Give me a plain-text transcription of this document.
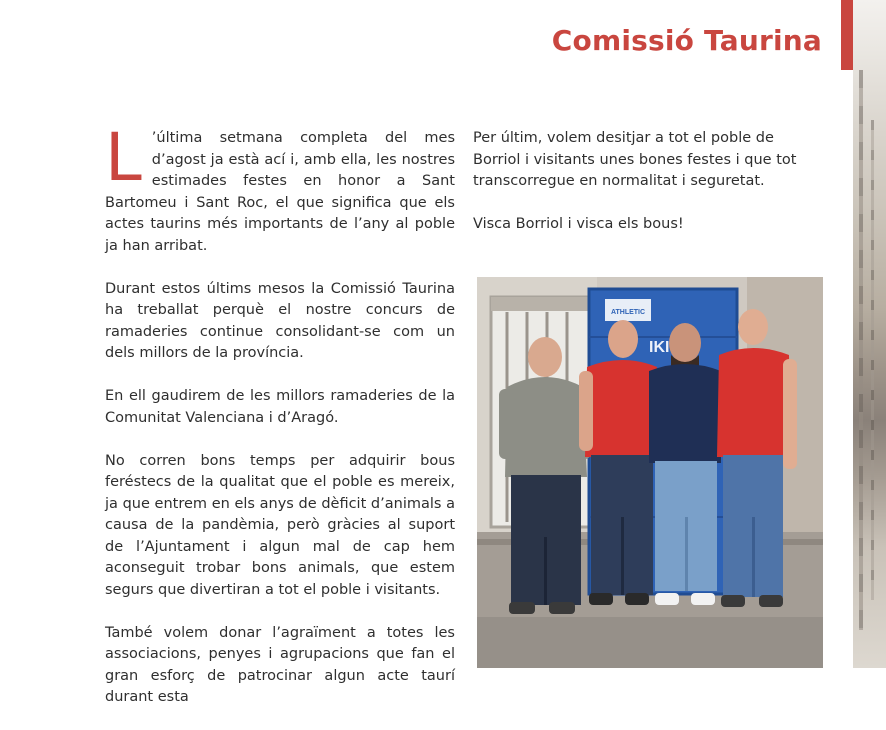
Comissió Taurina

L ’última setmana completa del mes d’agost ja està ací i, amb ella, les nostres estimades festes en honor a Sant Bartomeu i Sant Roc, el que significa que els actes taurins més importants de l’any al poble ja han arribat.

Durant estos últims mesos la Comissió Taurina ha treballat perquè el nostre concurs de ramaderies continue consolidant-se com un dels millors de la província.

En ell gaudirem de les millors ramaderies de la Comunitat Valenciana i d’Aragó.

No corren bons temps per adquirir bous feréstecs de la qualitat que el poble es mereix, ja que entrem en els anys de dèficit d’animals a causa de la pandèmia, però gràcies al suport de l’Ajuntament i algun mal de cap hem aconseguit trobar bons animals, que estem segurs que divertiran a tot el poble i visitants.

També volem donar l’agraïment a totes les associacions, penyes i agrupacions que fan el gran esforç de patrocinar algun acte taurí durant esta

Per últim, volem desitjar a tot el poble de Borriol i visitants unes bones festes i que tot transcorregue en normalitat i seguretat.

Visca Borriol i visca els bous!

ATHLETIC
IKI
